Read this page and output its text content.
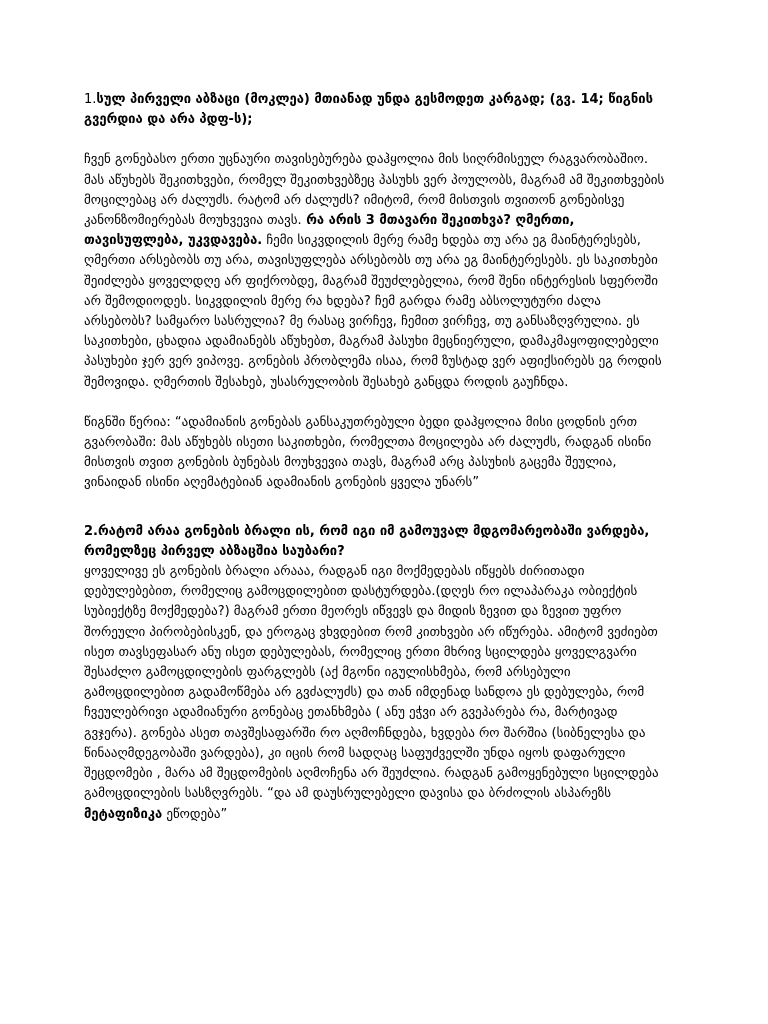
1.სულ პირველი აბზაცი (მოკლეა) მთიანად უნდა გესმოდეთ კარგად; (გვ. 14; წიგნის გვერდია და არა პდფ-ს);

ჩვენ გონებასო ერთი უცნაური თავისებურება დაჰყოლია მის სიღრმისეულ რაგვარობაშიო. მას აწუხებს შეკითხვები, რომელ შეკითხვებზეც პასუხს ვერ პოულობს, მაგრამ ამ შეკითხვების მოცილებაც არ ძალუძს. რატომ არ ძალუძს? იმიტომ, რომ მისთვის თვითონ გონებისვე კანონზომიერებას მოუხვევია თავს. რა არის 3 მთავარი შეკითხვა? ღმერთი, თავისუფლება, უკვდავება. ჩემი სიკვდილის მერე რამე ხდება თუ არა ეგ მაინტერესებს, ღმერთი არსებობს თუ არა, თავისუფლება არსებობს თუ არა ეგ მაინტერესებს. ეს საკითხები შეიძლება ყოველდღე არ ფიქრობდე, მაგრამ შეუძლებელია, რომ შენი ინტერესის სფეროში არ შემოდიოდეს. სიკვდილის მერე რა ხდება? ჩემ გარდა რამე აბსოლუტური ძალა არსებობს? სამყარო სასრულია? მე რასაც ვირჩევ, ჩემით ვირჩევ, თუ განსაზღვრულია. ეს საკითხები, ცხადია ადამიანებს აწუხებთ, მაგრამ პასუხი მეცნიერული, დამაკმაყოფილებელი პასუხები ჯერ ვერ ვიპოვე. გონების პრობლემა ისაა, რომ ზუსტად ვერ აფიქსირებს ეგ როდის შემოვიდა. ღმერთის შესახებ, უსასრულობის შესახებ განცდა როდის გაუჩნდა.

წიგნში წერია: “ადამიანის გონებას განსაკუთრებული ბედი დაჰყოლია მისი ცოდნის ერთ გვარობაში: მას აწუხებს ისეთი საკითხები, რომელთა მოცილება არ ძალუძს, რადგან ისინი მისთვის თვით გონების ბუნებას მოუხვევია თავს, მაგრამ არც პასუხის გაცემა შეულია, ვინაიდან ისინი აღემატებიან ადამიანის გონების ყველა უნარს”

2.რატომ არაა გონების ბრალი ის, რომ იგი იმ გამოუვალ მდგომარეობაში ვარდება,

რომელზეც პირველ აბზაცშია საუბარი?

ყოველივე ეს გონების ბრალი არააა, რადგან იგი მოქმედებას იწყებს ძირითადი დებულებებით, რომელიც გამოცდილებით დასტურდება.(დღეს რო ილაპარაკა ობიექტის სუბიექტზე მოქმედება?) მაგრამ ერთი მეორეს იწვევს და მიდის ზევით და ზევით უფრო შორეული პირობებისკენ, და ეროგაც ვხვდებით რომ კითხვები არ იწურება. ამიტომ ვეძიებთ ისეთ თავსეფასარ ანუ ისეთ დებულებას, რომელიც ერთი მხრივ სცილდება ყოველგვარი შესაძლო გამოცდილების ფარგლებს (აქ მგონი იგულისხმება, რომ არსებული გამოცდილებით გადამოწმება არ გვძალუძს) და თან იმდენად სანდოა ეს დებულება, რომ ჩვეულებრივი ადამიანური გონებაც ეთანხმება ( ანუ ეჭვი არ გვეპარება რა, მარტივად გვჯერა). გონება ასეთ თავშესაფარში რო აღმოჩნდება, ხვდება რო შარშია (სიბნელესა და წინააღმდეგობაში ვარდება), კი იცის რომ სადღაც საფუძველში უნდა იყოს დაფარული შეცდომები , მარა ამ შეცდომების აღმოჩენა არ შეუძლია. რადგან გამოყენებული სცილდება გამოცდილების სასზღვრებს. “და ამ დაუსრულებელი დავისა და ბრძოლის ასპარეზს მეტაფიზიკა ეწოდება”
